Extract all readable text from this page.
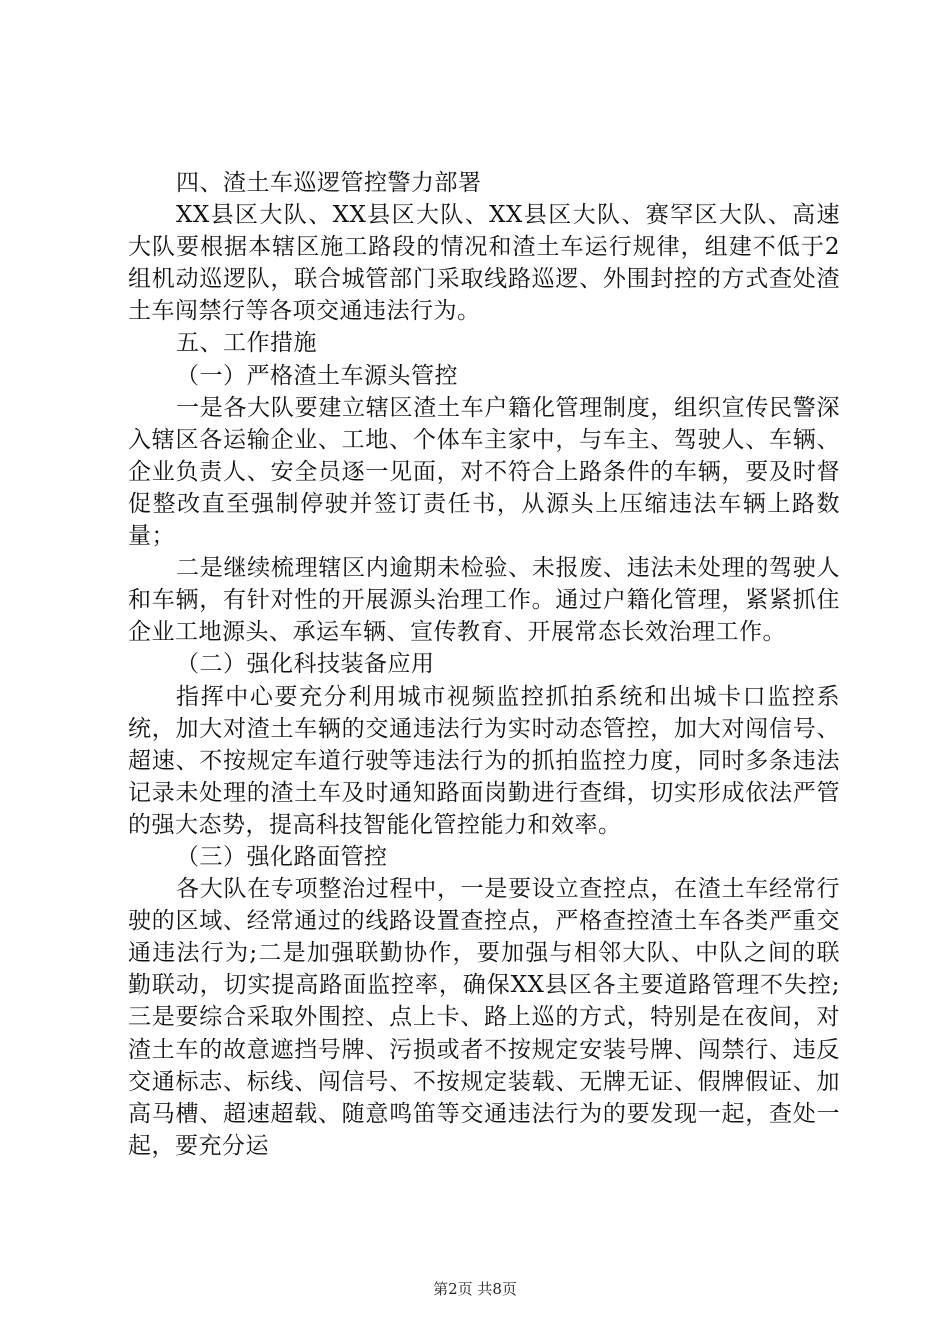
四、渣土车巡逻管控警力部署

XX县区大队、XX县区大队、XX县区大队、赛罕区大队、高速大队要根据本辖区施工路段的情况和渣土车运行规律，组建不低于2组机动巡逻队，联合城管部门采取线路巡逻、外围封控的方式查处渣土车闯禁行等各项交通违法行为。

五、工作措施

（一）严格渣土车源头管控

一是各大队要建立辖区渣土车户籍化管理制度，组织宣传民警深入辖区各运输企业、工地、个体车主家中，与车主、驾驶人、车辆、企业负责人、安全员逐一见面，对不符合上路条件的车辆，要及时督促整改直至强制停驶并签订责任书，从源头上压缩违法车辆上路数量；

二是继续梳理辖区内逾期未检验、未报废、违法未处理的驾驶人和车辆，有针对性的开展源头治理工作。通过户籍化管理，紧紧抓住企业工地源头、承运车辆、宣传教育、开展常态长效治理工作。

（二）强化科技装备应用

指挥中心要充分利用城市视频监控抓拍系统和出城卡口监控系统，加大对渣土车辆的交通违法行为实时动态管控，加大对闯信号、超速、不按规定车道行驶等违法行为的抓拍监控力度，同时多条违法记录未处理的渣土车及时通知路面岗勤进行查缉，切实形成依法严管的强大态势，提高科技智能化管控能力和效率。

（三）强化路面管控

各大队在专项整治过程中，一是要设立查控点，在渣土车经常行驶的区域、经常通过的线路设置查控点，严格查控渣土车各类严重交通违法行为;二是加强联勤协作，要加强与相邻大队、中队之间的联勤联动，切实提高路面监控率，确保XX县区各主要道路管理不失控;三是要综合采取外围控、点上卡、路上巡的方式，特别是在夜间，对渣土车的故意遮挡号牌、污损或者不按规定安装号牌、闯禁行、违反交通标志、标线、闯信号、不按规定装载、无牌无证、假牌假证、加高马槽、超速超载、随意鸣笛等交通违法行为的要发现一起，查处一起，要充分运

第2页 共8页
